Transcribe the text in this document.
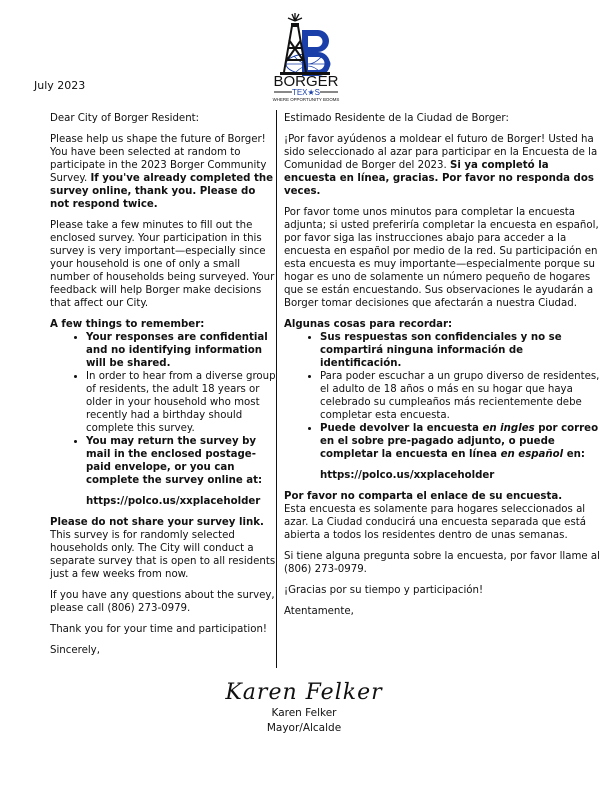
July 2023	BORGER
TEX★S
WHERE OPPORTUNITY BOOMS

Dear City of Borger Resident:

Please help us shape the future of Borger! You have been selected at random to participate in the 2023 Borger Community Survey. If you've already completed the survey online, thank you. Please do not respond twice.

Please take a few minutes to fill out the enclosed survey. Your participation in this survey is very important—especially since your household is one of only a small number of households being surveyed. Your feedback will help Borger make decisions that affect our City.

A few things to remember:
• Your responses are confidential and no identifying information will be shared.
• In order to hear from a diverse group of residents, the adult 18 years or older in your household who most recently had a birthday should complete this survey.
• You may return the survey by mail in the enclosed postage-paid envelope, or you can complete the survey online at:
https://polco.us/xxplaceholder

Please do not share your survey link.
This survey is for randomly selected households only. The City will conduct a separate survey that is open to all residents just a few weeks from now.

If you have any questions about the survey, please call (806) 273-0979.

Thank you for your time and participation!

Sincerely,

Estimado Residente de la Ciudad de Borger:

¡Por favor ayúdenos a moldear el futuro de Borger! Usted ha sido seleccionado al azar para participar en la Encuesta de la Comunidad de Borger del 2023. Si ya completó la encuesta en línea, gracias. Por favor no responda dos veces.

Por favor tome unos minutos para completar la encuesta adjunta; si usted preferiría completar la encuesta en español, por favor siga las instrucciones abajo para acceder a la encuesta en español por medio de la red. Su participación en esta encuesta es muy importante—especialmente porque su hogar es uno de solamente un número pequeño de hogares que se están encuestando. Sus observaciones le ayudarán a Borger tomar decisiones que afectarán a nuestra Ciudad.

Algunas cosas para recordar:
• Sus respuestas son confidenciales y no se compartirá ninguna información de identificación.
• Para poder escuchar a un grupo diverso de residentes, el adulto de 18 años o más en su hogar que haya celebrado su cumpleaños más recientemente debe completar esta encuesta.
• Puede devolver la encuesta en ingles por correo en el sobre pre-pagado adjunto, o puede completar la encuesta en línea en español en:
https://polco.us/xxplaceholder

Por favor no comparta el enlace de su encuesta.
Esta encuesta es solamente para hogares seleccionados al azar. La Ciudad conducirá una encuesta separada que está abierta a todos los residentes dentro de unas semanas.

Si tiene alguna pregunta sobre la encuesta, por favor llame al (806) 273-0979.

¡Gracias por su tiempo y participación!

Atentamente,

Karen Felker
Karen Felker
Mayor/Alcalde
